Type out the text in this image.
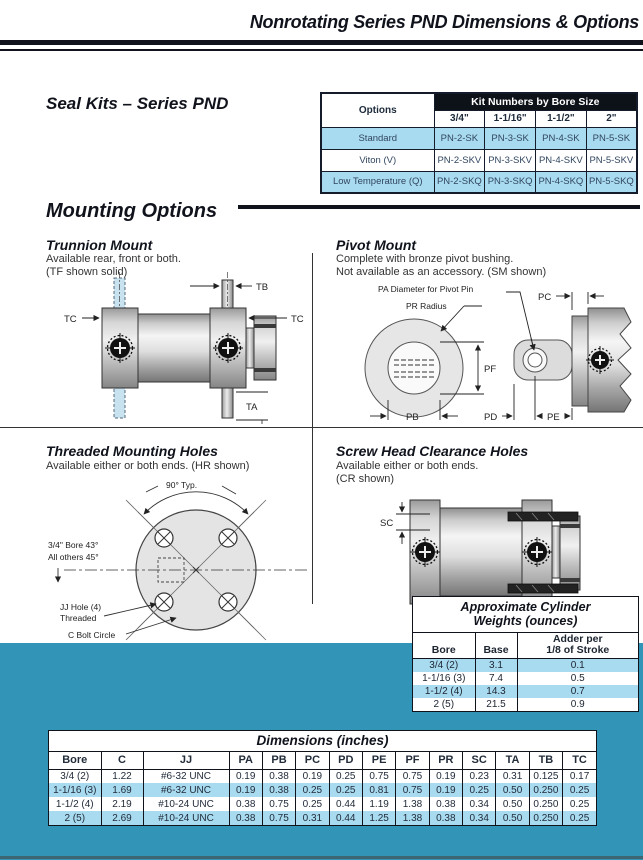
Nonrotating Series PND Dimensions & Options
Seal Kits – Series PND	Options	Kit Numbers by Bore Size			
	3/4"	1-1/16"	1-1/2"	2"
Standard	PN-2-SK	PN-3-SK	PN-4-SK	PN-5-SK
Viton (V)	PN-2-SKV	PN-3-SKV	PN-4-SKV	PN-5-SKV
Low Temperature (Q)	PN-2-SKQ	PN-3-SKQ	PN-4-SKQ	PN-5-SKQ
Mounting Options
Trunnion Mount
Available rear, front or both.
(TF shown solid)
TB
TC	TC
TA
Pivot Mount
Complete with bronze pivot bushing.
Not available as an accessory. (SM shown)
PA Diameter for Pivot Pin
PR Radius
PC
PF
PB	PD	PE
Threaded Mounting Holes
Available either or both ends. (HR shown)
90° Typ.
3/4" Bore 43°
All others 45°
JJ Hole (4)
Threaded
C Bolt Circle
Screw Head Clearance Holes
Available either or both ends.
(CR shown)
SC
Approximate Cylinder
Weights (ounces)
Bore	Base	Adder per
1/8 of Stroke

3/4 (2)	3.1	0.1
1-1/16 (3)	7.4	0.5
1-1/2 (4)	14.3	0.7
2 (5)	21.5	0.9
Dimensions (inches)
Bore	C	JJ	PA	PB	PC	PD	PE	PF	PR	SC	TA	TB	TC
3/4 (2)	1.22	#6-32 UNC	0.19	0.38	0.19	0.25	0.75	0.75	0.19	0.23	0.31	0.125	0.17
1-1/16 (3)	1.69	#6-32 UNC	0.19	0.38	0.25	0.25	0.81	0.75	0.19	0.25	0.50	0.250	0.25
1-1/2 (4)	2.19	#10-24 UNC	0.38	0.75	0.25	0.44	1.19	1.38	0.38	0.34	0.50	0.250	0.25
2 (5)	2.69	#10-24 UNC	0.38	0.75	0.31	0.44	1.25	1.38	0.38	0.34	0.50	0.250	0.25
